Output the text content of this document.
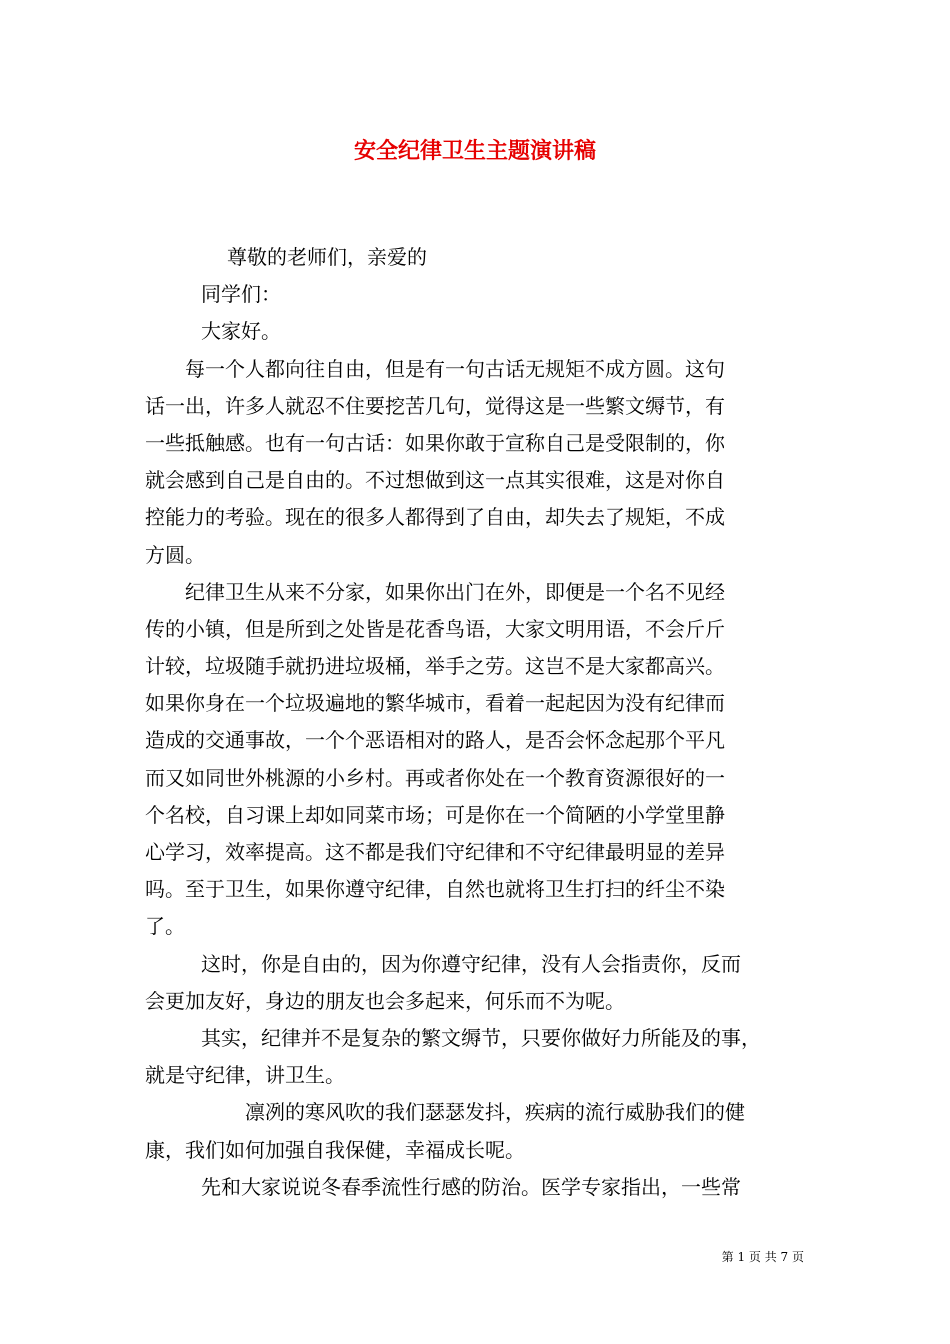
安全纪律卫生主题演讲稿
尊敬的老师们，亲爱的
同学们：
大家好。
每一个人都向往自由，但是有一句古话无规矩不成方圆。这句
话一出，许多人就忍不住要挖苦几句，觉得这是一些繁文缛节，有
一些抵触感。也有一句古话：如果你敢于宣称自己是受限制的，你
就会感到自己是自由的。不过想做到这一点其实很难，这是对你自
控能力的考验。现在的很多人都得到了自由，却失去了规矩，不成
方圆。
纪律卫生从来不分家，如果你出门在外，即便是一个名不见经
传的小镇，但是所到之处皆是花香鸟语，大家文明用语，不会斤斤
计较，垃圾随手就扔进垃圾桶，举手之劳。这岂不是大家都高兴。
如果你身在一个垃圾遍地的繁华城市，看着一起起因为没有纪律而
造成的交通事故，一个个恶语相对的路人，是否会怀念起那个平凡
而又如同世外桃源的小乡村。再或者你处在一个教育资源很好的一
个名校，自习课上却如同菜市场；可是你在一个简陋的小学堂里静
心学习，效率提高。这不都是我们守纪律和不守纪律最明显的差异
吗。至于卫生，如果你遵守纪律，自然也就将卫生打扫的纤尘不染
了。
这时，你是自由的，因为你遵守纪律，没有人会指责你，反而
会更加友好，身边的朋友也会多起来，何乐而不为呢。
其实，纪律并不是复杂的繁文缛节，只要你做好力所能及的事，
就是守纪律，讲卫生。
凛冽的寒风吹的我们瑟瑟发抖，疾病的流行威胁我们的健
康，我们如何加强自我保健，幸福成长呢。
先和大家说说冬春季流性行感的防治。医学专家指出，一些常
第 1 页 共 7 页
